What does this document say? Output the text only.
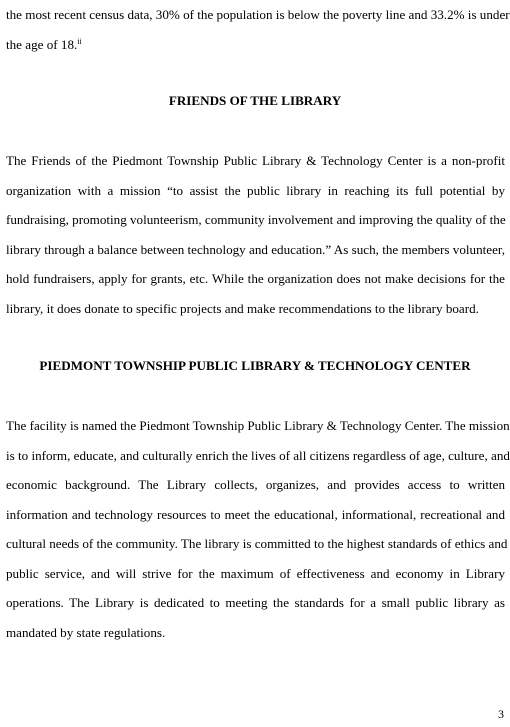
the most recent census data, 30% of the population is below the poverty line and 33.2% is under
the age of 18.$^{ii}$
FRIENDS OF THE LIBRARY
The Friends of the Piedmont Township Public Library & Technology Center is a non-profit
organization with a mission “to assist the public library in reaching its full potential by
fundraising, promoting volunteerism, community involvement and improving the quality of the
library through a balance between technology and education.” As such, the members volunteer,
hold fundraisers, apply for grants, etc. While the organization does not make decisions for the
library, it does donate to specific projects and make recommendations to the library board.
PIEDMONT TOWNSHIP PUBLIC LIBRARY & TECHNOLOGY CENTER
The facility is named the Piedmont Township Public Library & Technology Center. The mission
is to inform, educate, and culturally enrich the lives of all citizens regardless of age, culture, and
economic background. The Library collects, organizes, and provides access to written
information and technology resources to meet the educational, informational, recreational and
cultural needs of the community. The library is committed to the highest standards of ethics and
public service, and will strive for the maximum of effectiveness and economy in Library
operations. The Library is dedicated to meeting the standards for a small public library as
mandated by state regulations.
3
